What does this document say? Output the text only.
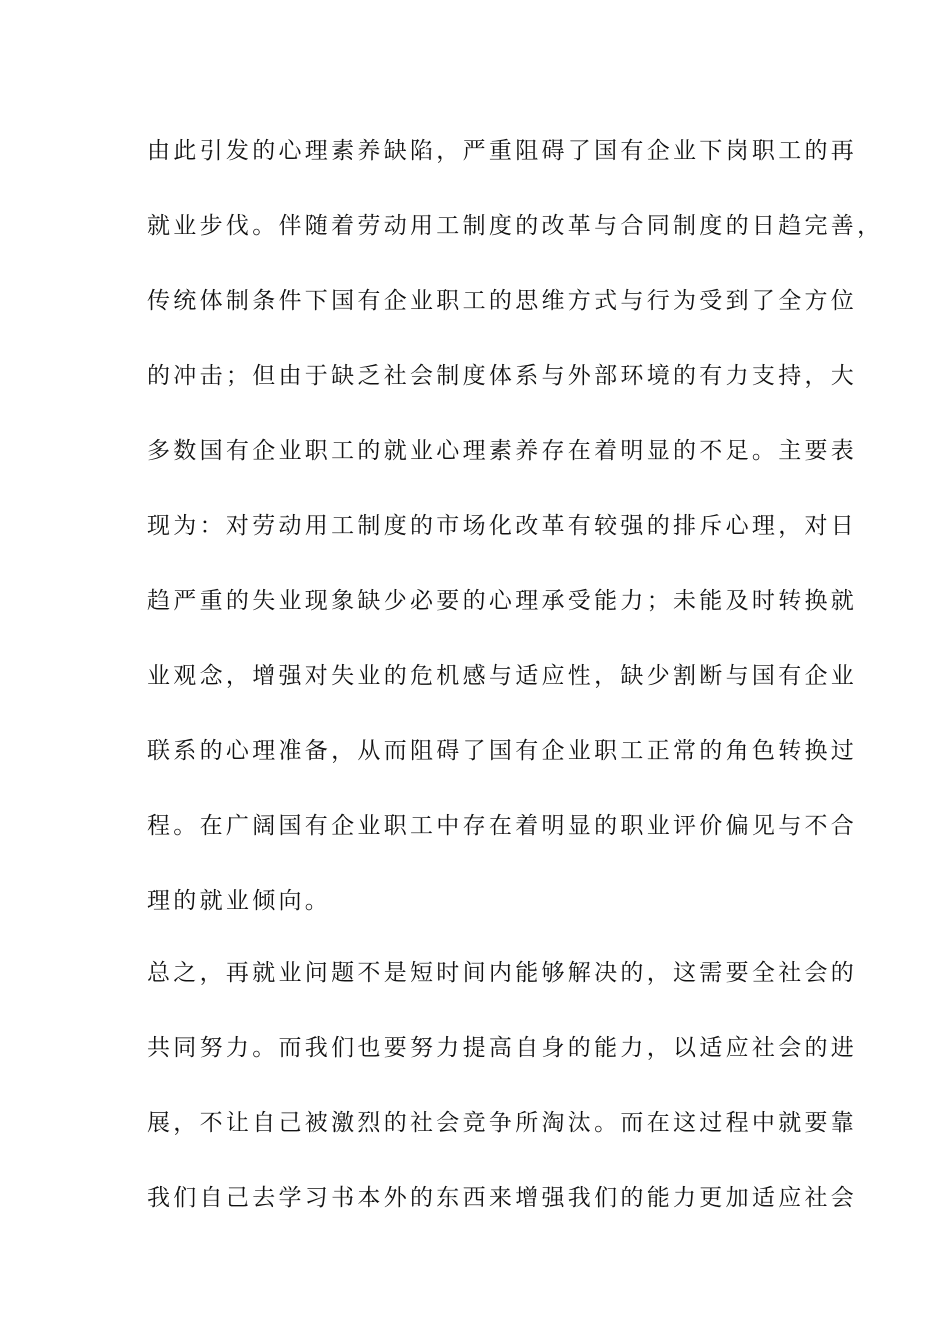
由此引发的心理素养缺陷，严重阻碍了国有企业下岗职工的再
就业步伐。伴随着劳动用工制度的改革与合同制度的日趋完善，
传统体制条件下国有企业职工的思维方式与行为受到了全方位
的冲击；但由于缺乏社会制度体系与外部环境的有力支持，大
多数国有企业职工的就业心理素养存在着明显的不足。主要表
现为：对劳动用工制度的市场化改革有较强的排斥心理，对日
趋严重的失业现象缺少必要的心理承受能力；未能及时转换就
业观念，增强对失业的危机感与适应性，缺少割断与国有企业
联系的心理准备，从而阻碍了国有企业职工正常的角色转换过
程。在广阔国有企业职工中存在着明显的职业评价偏见与不合
理的就业倾向。
总之，再就业问题不是短时间内能够解决的，这需要全社会的
共同努力。而我们也要努力提高自身的能力，以适应社会的进
展，不让自己被激烈的社会竞争所淘汰。而在这过程中就要靠
我们自己去学习书本外的东西来增强我们的能力更加适应社会
